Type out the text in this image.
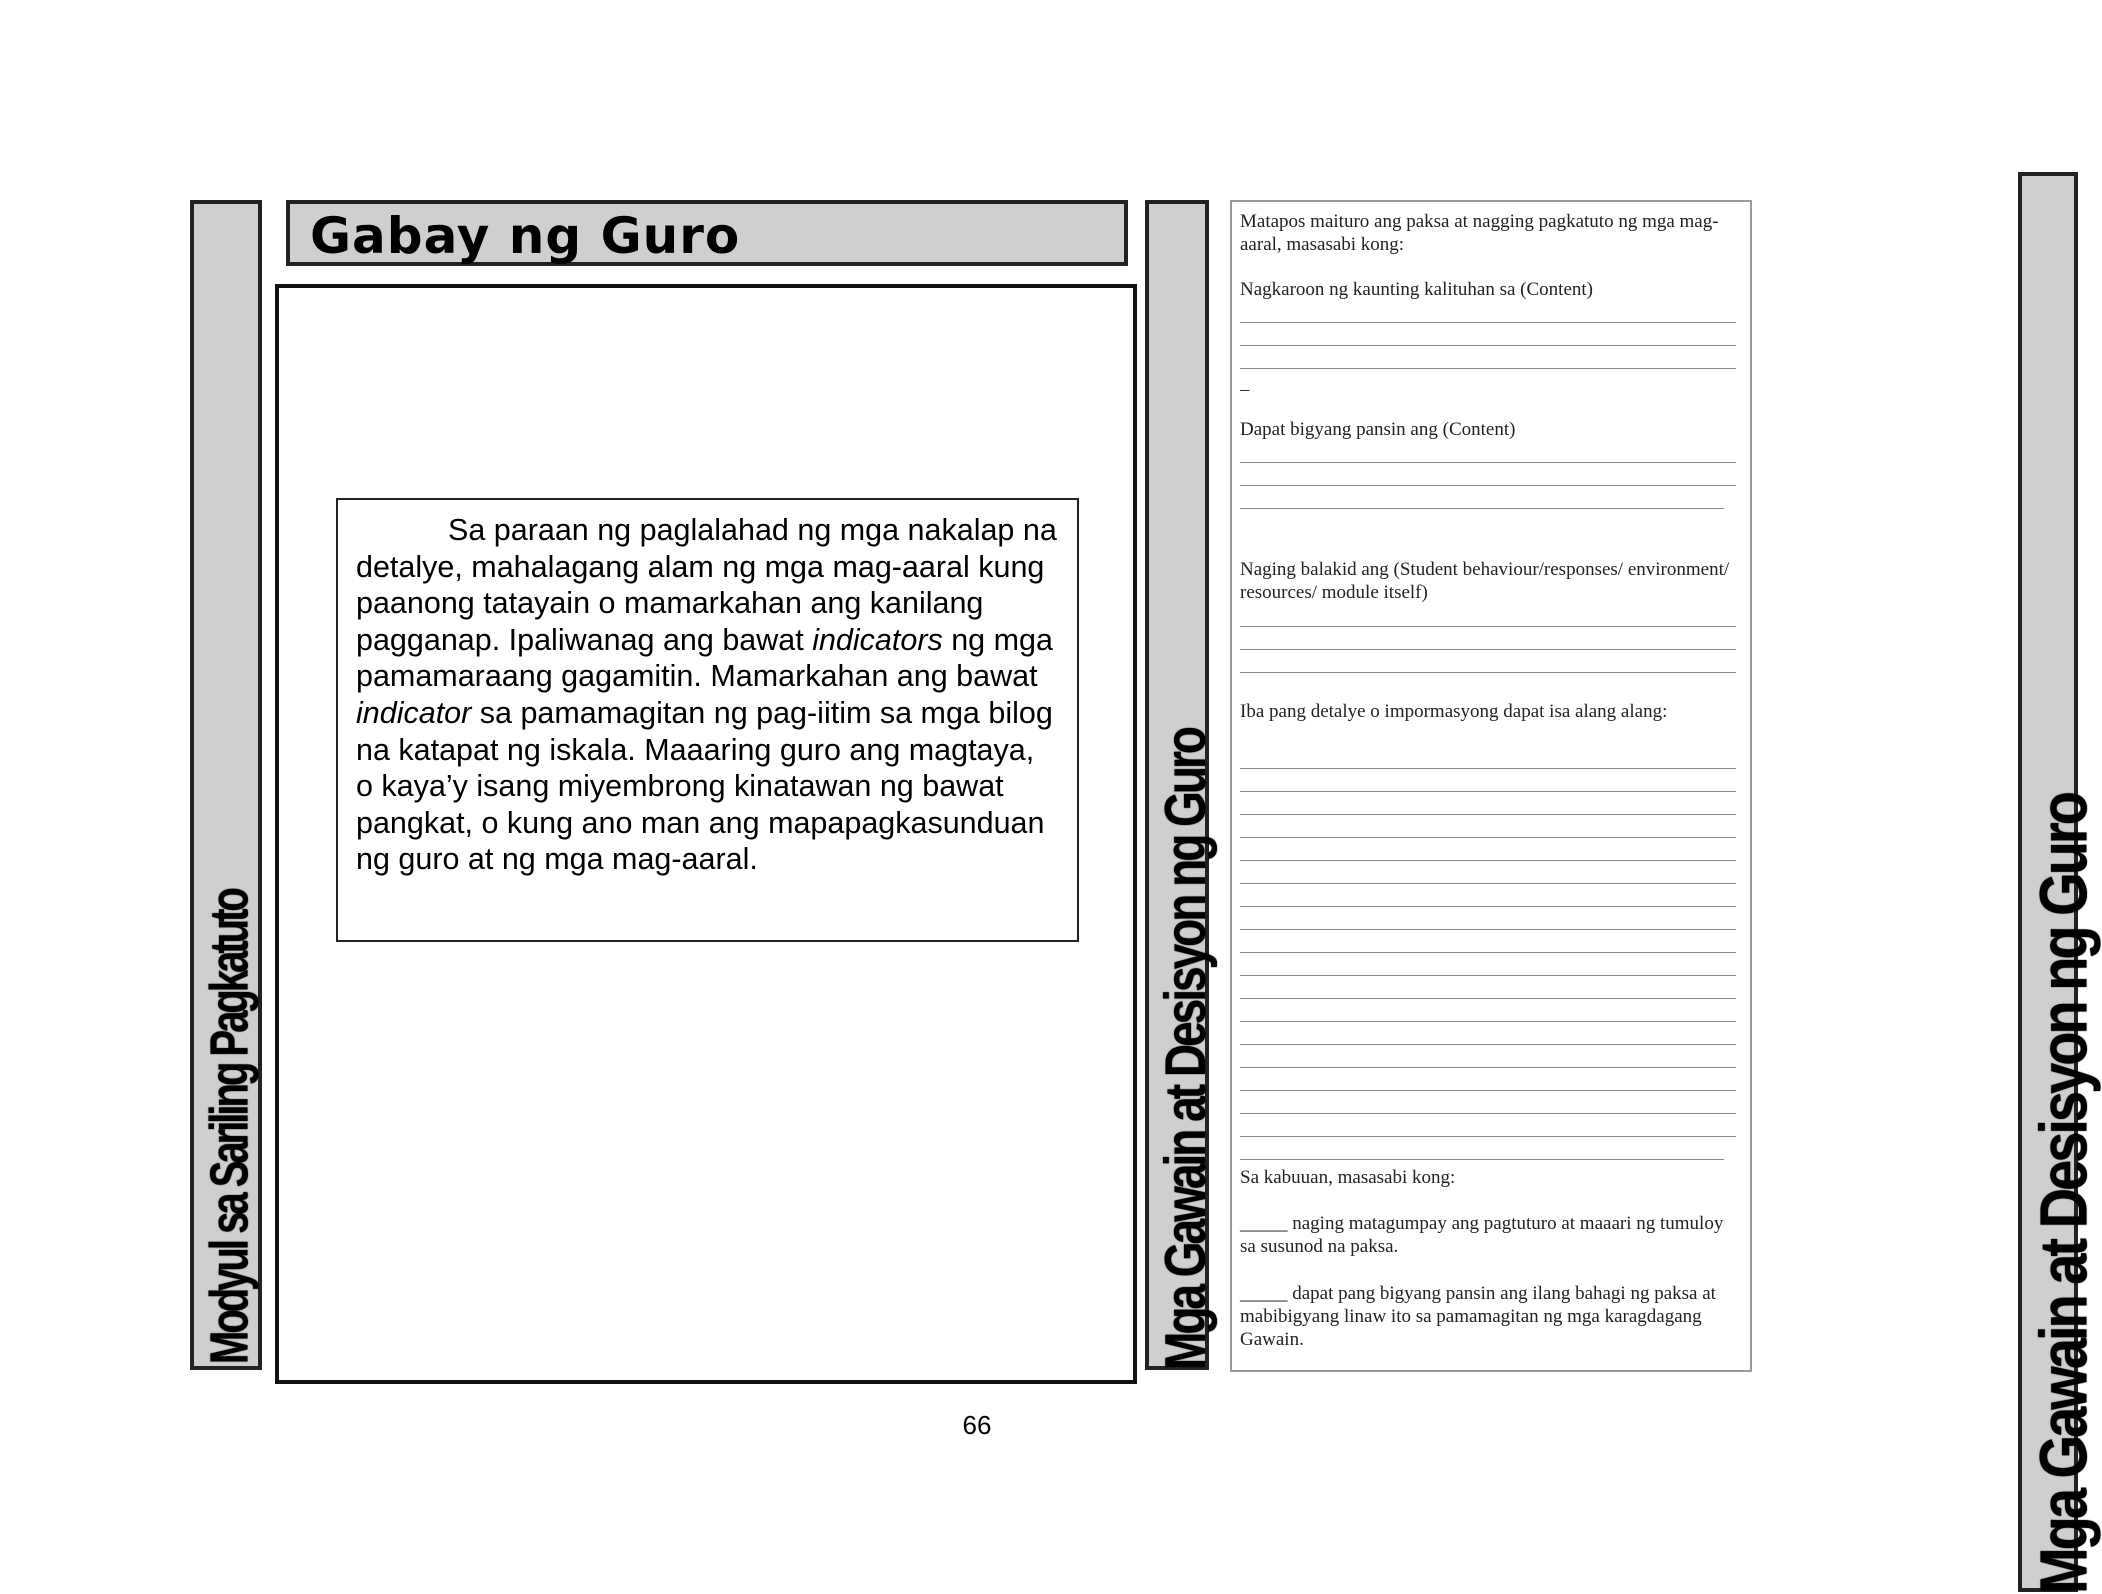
Modyul sa Sariling Pagkatuto
Gabay ng Guro
Sa paraan ng paglalahad ng mga nakalap na detalye, mahalagang alam ng mga mag-aaral kung paanong tatayain o mamarkahan ang kanilang pagganap. Ipaliwanag ang bawat indicators ng mga pamamaraang gagamitin. Mamarkahan ang bawat indicator sa pamamagitan ng pag-iitim sa mga bilog na katapat ng iskala. Maaaring guro ang magtaya, o kaya’y isang miyembrong kinatawan ng bawat pangkat, o kung ano man ang mapapagkasunduan ng guro at ng mga mag-aaral.	Mga Gawain at Desisyon ng Guro	Mga Gawain at Desisyon ng Guro
Matapos maituro ang paksa at nagging pagkatuto ng mga mag-aaral, masasabi kong:
Nagkaroon ng kaunting kalituhan sa (Content)
–
Dapat bigyang pansin ang (Content)
Naging balakid ang (Student behaviour/responses/ environment/ resources/ module itself)
Iba pang detalye o impormasyong dapat isa alang alang:
Sa kabuuan, masasabi kong:
_____ naging matagumpay ang pagtuturo at maaari ng tumuloy sa susunod na paksa.
_____ dapat pang bigyang pansin ang ilang bahagi ng paksa at mabibigyang linaw ito sa pamamagitan ng mga karagdagang Gawain.
66
